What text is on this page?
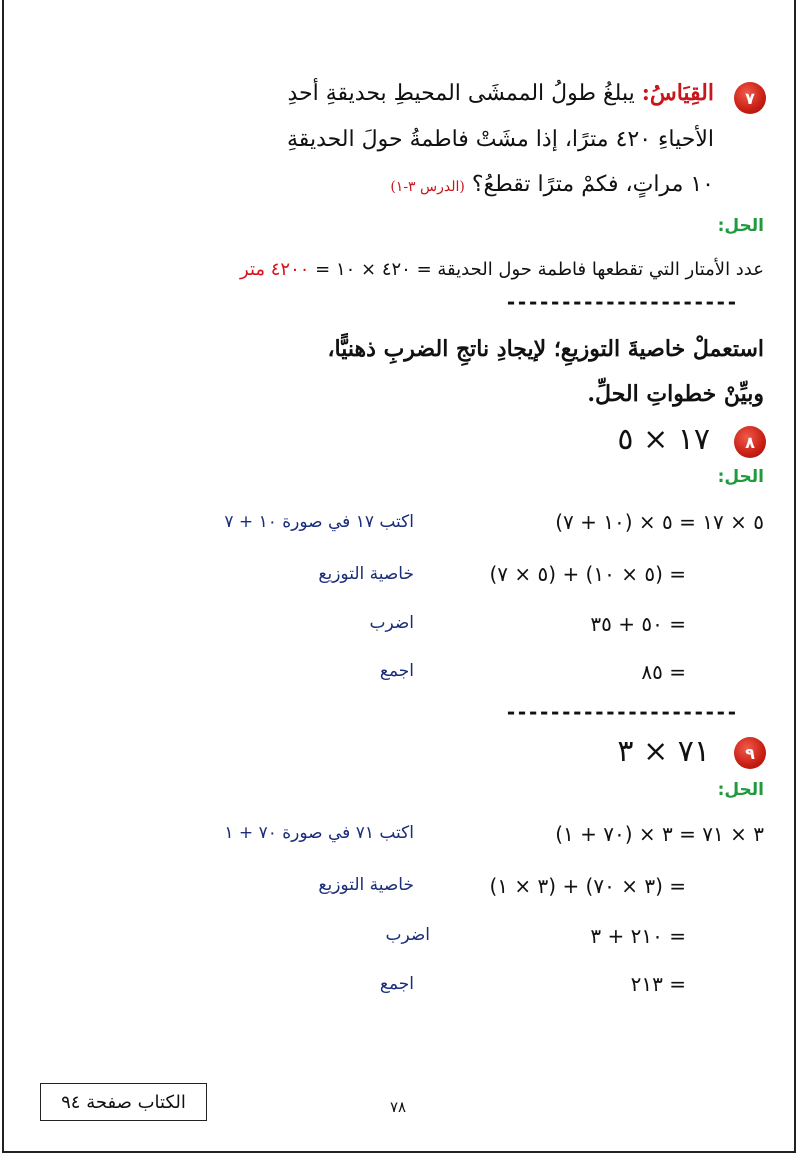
٧
القِيَاسُ: يبلغُ طولُ الممشَى المحيطِ بحديقةِ أحدِ
الأحياءِ ٤٢٠ مترًا، إذا مشَتْ فاطمةُ حولَ الحديقةِ
١٠ مراتٍ، فكمْ مترًا تقطعُ؟ (الدرس ٣-١)
الحل:
عدد الأمتار التي تقطعها فاطمة حول الحديقة = ٤٢٠ × ١٠ = ٤٢٠٠ متر
---------------------
استعملْ خاصيةَ التوزيعِ؛ لإيجادِ ناتجِ الضربِ ذهنيًّا،
وبيِّنْ خطواتِ الحلِّ.
٨
١٧ × ٥
الحل:
٥ × ١٧ = ٥ × (١٠ + ٧)
اكتب ١٧ في صورة ١٠ + ٧
= (٥ × ١٠) + (٥ × ٧)
خاصية التوزيع
= ٥٠ + ٣٥
اضرب
= ٨٥
اجمع
---------------------
٩
٧١ × ٣
الحل:
٣ × ٧١ = ٣ × (٧٠ + ١)
اكتب ٧١ في صورة ٧٠ + ١
= (٣ × ٧٠) + (٣ × ١)
خاصية التوزيع
= ٢١٠ + ٣
اضرب
= ٢١٣
اجمع
٧٨
الكتاب صفحة ٩٤
